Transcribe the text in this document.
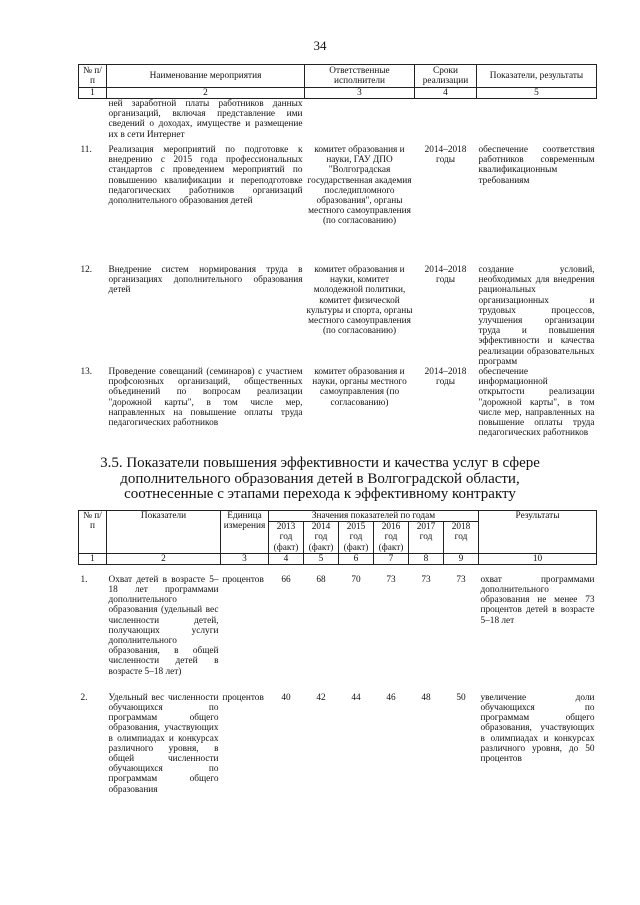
34
№ п/п	Наименование мероприятия	Ответственные исполнители	Сроки реализации	Показатели, результаты
1	2	3	4	5
	ней заработной платы работников данных организаций, включая представление ими сведений о доходах, имуществе и размещение их в сети Интернет			
11.	Реализация мероприятий по подготовке к внедрению с 2015 года профессиональных стандартов с проведением мероприятий по повышению квалификации и переподготовке педагогических работников организаций дополнительного образования детей	комитет образования и науки, ГАУ ДПО "Волгоградская государственная академия последипломного образования", органы местного самоуправления (по согласованию)	2014–2018 годы	обеспечение соответствия работников современным квалификационным требованиям
12.	Внедрение систем нормирования труда в организациях дополнительного образования детей	комитет образования и науки, комитет молодежной политики, комитет физической культуры и спорта, органы местного самоуправления (по согласованию)	2014–2018 годы	создание условий, необходимых для внедрения рациональных организационных и трудовых процессов, улучшения организации труда и повышения эффективности и качества реализации образовательных программ
13.	Проведение совещаний (семинаров) с участием профсоюзных организаций, общественных объединений по вопросам реализации "дорожной карты", в том числе мер, направленных на повышение оплаты труда педагогических работников	комитет образования и науки, органы местного самоуправления (по согласованию)	2014–2018 годы	обеспечение информационной открытости реализации "дорожной карты", в том числе мер, направленных на повышение оплаты труда педагогических работников
3.5. Показатели повышения эффективности и качества услуг в сфере дополнительного образования детей в Волгоградской области, соотнесенные с этапами перехода к эффективному контракту
№ п/п	Показатели	Единица измерения	Значения показателей по годам						Результаты
			2013 год (факт)	2014 год (факт)	2015 год (факт)	2016 год (факт)	2017 год	2018 год	
1	2	3	4	5	6	7	8	9	10

1.	Охват детей в возрасте 5–18 лет программами дополнительного образования (удельный вес численности детей, получающих услуги дополнительного образования, в общей численности детей в возрасте 5–18 лет)	процентов	66	68	70	73	73	73	охват программами дополнительного образования не менее 73 процентов детей в возрасте 5–18 лет
2.	Удельный вес численности обучающихся по программам общего образования, участвующих в олимпиадах и конкурсах различного уровня, в общей численности обучающихся по программам общего образования	процентов	40	42	44	46	48	50	увеличение доли обучающихся по программам общего образования, участвующих в олимпиадах и конкурсах различного уровня, до 50 процентов
